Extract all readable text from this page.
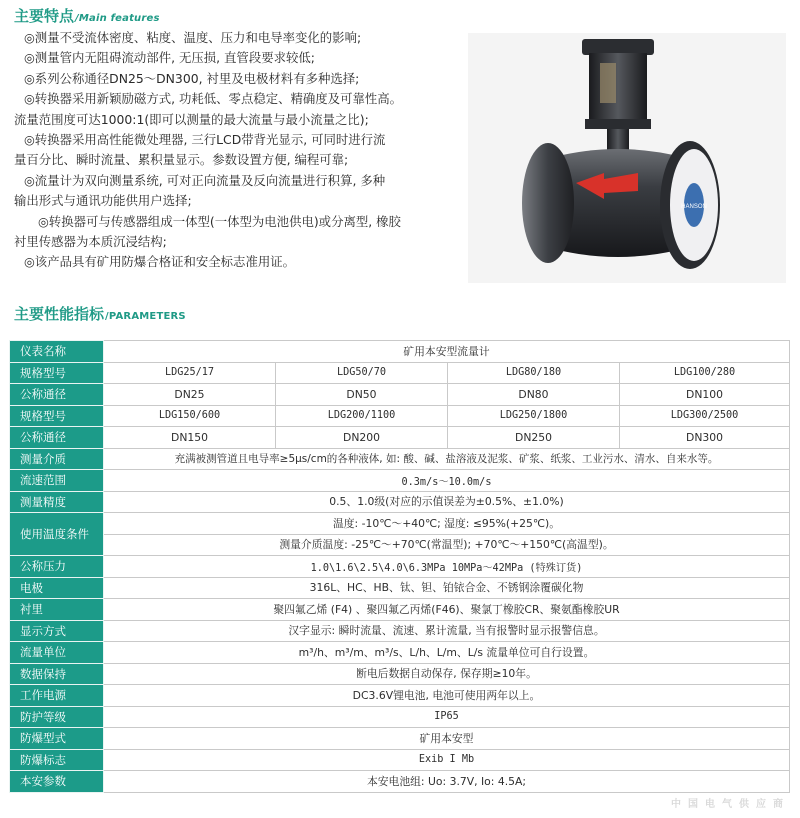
主要特点/Main features
◎测量不受流体密度、粘度、温度、压力和电导率变化的影响;
◎测量管内无阻碍流动部件, 无压损, 直管段要求较低;
◎系列公称通径DN25～DN300, 衬里及电极材料有多种选择;
◎转换器采用新颖励磁方式, 功耗低、零点稳定、精确度及可靠性高。
流量范围度可达1000:1(即可以测量的最大流量与最小流量之比);
◎转换器采用高性能微处理器, 三行LCD带背光显示, 可同时进行流
量百分比、瞬时流量、累积量显示。参数设置方便, 编程可靠;
◎流量计为双向测量系统, 可对正向流量及反向流量进行积算, 多种
输出形式与通讯功能供用户选择;
◎转换器可与传感器组成一体型(一体型为电池供电)或分离型, 橡胶
衬里传感器为本质沉浸结构;
◎该产品具有矿用防爆合格证和安全标志准用证。
HANSON
主要性能指标/PARAMETERS
仪表名称	矿用本安型流量计			
规格型号	LDG25/17	LDG50/70	LDG80/180	LDG100/280
公称通径	DN25	DN50	DN80	DN100
规格型号	LDG150/600	LDG200/1100	LDG250/1800	LDG300/2500
公称通径	DN150	DN200	DN250	DN300
测量介质	充满被测管道且电导率≥5μs/cm的各种液体, 如: 酸、碱、盐溶液及泥浆、矿浆、纸浆、工业污水、清水、自来水等。			
流速范围	0.3m/s～10.0m/s			
测量精度	0.5、1.0级(对应的示值误差为±0.5%、±1.0%)			
使用温度条件	温度: -10℃～+40℃; 湿度: ≤95%(+25℃)。			
	测量介质温度: -25℃～+70℃(常温型); +70℃～+150℃(高温型)。			
公称压力	1.0\1.6\2.5\4.0\6.3MPa 10MPa～42MPa (特殊订货)			
电极	316L、HC、HB、钛、钽、铂铱合金、不锈钢涂覆碳化物			
衬里	聚四氟乙烯 (F4) 、聚四氟乙丙烯(F46)、聚氯丁橡胶CR、聚氨酯橡胶UR			
显示方式	汉字显示: 瞬时流量、流速、累计流量, 当有报警时显示报警信息。			
流量单位	m³/h、m³/m、m³/s、L/h、L/m、L/s 流量单位可自行设置。			
数据保持	断电后数据自动保存, 保存期≥10年。			
工作电源	DC3.6V锂电池, 电池可使用两年以上。			
防护等级	IP65			
防爆型式	矿用本安型			
防爆标志	Exib I Mb			
本安参数	本安电池组: Uo: 3.7V, Io: 4.5A;			
中国电气供应商
